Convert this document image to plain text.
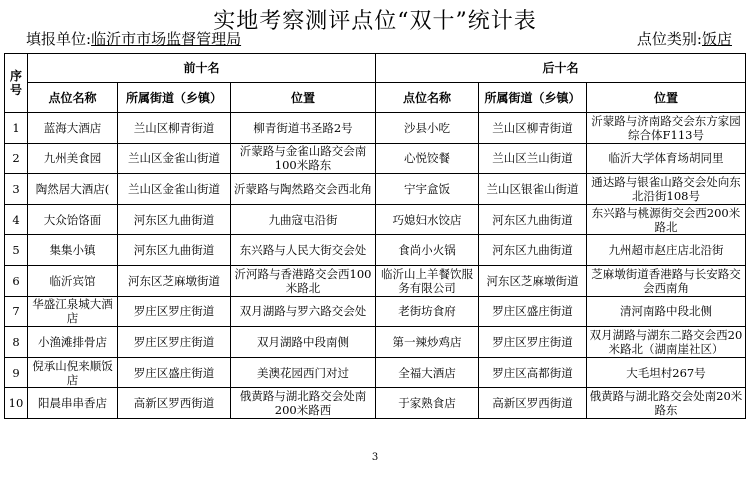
实地考察测评点位“双十”统计表
填报单位:临沂市市场监督管理局	点位类别:饭店
序号	前十名			后十名		
	点位名称	所属街道（乡镇）	位置	点位名称	所属街道（乡镇）	位置
1	蓝海大酒店	兰山区柳青街道	柳青街道书圣路2号	沙县小吃	兰山区柳青街道	沂蒙路与济南路交会东方家园综合体F113号
2	九州美食园	兰山区金雀山街道	沂蒙路与金雀山路交会南100米路东	心悦饺餐	兰山区兰山街道	临沂大学体育场胡同里
3	陶然居大酒店(	兰山区金雀山街道	沂蒙路与陶然路交会西北角	宁宇盒饭	兰山区银雀山街道	通达路与银雀山路交会处向东北沿街108号
4	大众饴饹面	河东区九曲街道	九曲寇屯沿街	巧媳妇水饺店	河东区九曲街道	东兴路与桃源街交会西200米路北
5	集集小镇	河东区九曲街道	东兴路与人民大街交会处	食尚小火锅	河东区九曲街道	九州超市赵庄店北沿街
6	临沂宾馆	河东区芝麻墩街道	沂河路与香港路交会西100米路北	临沂山上羊餐饮服务有限公司	河东区芝麻墩街道	芝麻墩街道香港路与长安路交会西南角
7	华盛江泉城大酒店	罗庄区罗庄街道	双月湖路与罗六路交会处	老街坊食府	罗庄区盛庄街道	清河南路中段北侧
8	小渔滩排骨店	罗庄区罗庄街道	双月湖路中段南侧	第一辣炒鸡店	罗庄区罗庄街道	双月湖路与湖东二路交会西20米路北（湖南崖社区）
9	倪承山倪来顺饭店	罗庄区盛庄街道	美澳花园西门对过	全福大酒店	罗庄区高都街道	大毛坦村267号
10	阳晨串串香店	高新区罗西街道	俄黄路与湖北路交会处南200米路西	于家熟食店	高新区罗西街道	俄黄路与湖北路交会处南20米路东
3
